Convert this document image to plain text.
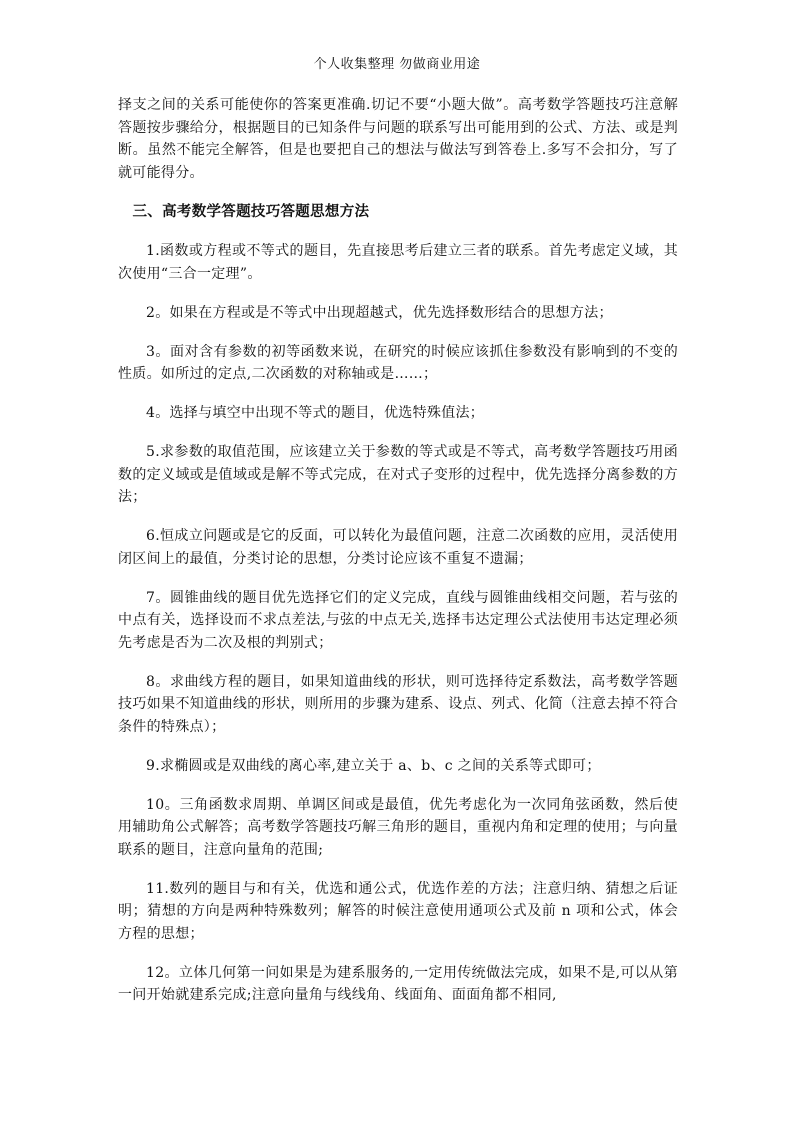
个人收集整理 勿做商业用途

择支之间的关系可能使你的答案更准确.切记不要“小题大做”。高考数学答题技巧注意解答题按步骤给分，根据题目的已知条件与问题的联系写出可能用到的公式、方法、或是判断。虽然不能完全解答，但是也要把自己的想法与做法写到答卷上.多写不会扣分，写了就可能得分。

三、高考数学答题技巧答题思想方法

1.函数或方程或不等式的题目，先直接思考后建立三者的联系。首先考虑定义域，其次使用“三合一定理”。

2。如果在方程或是不等式中出现超越式，优先选择数形结合的思想方法；

3。面对含有参数的初等函数来说，在研究的时候应该抓住参数没有影响到的不变的性质。如所过的定点,二次函数的对称轴或是……；

4。选择与填空中出现不等式的题目，优选特殊值法；

5.求参数的取值范围，应该建立关于参数的等式或是不等式，高考数学答题技巧用函数的定义域或是值域或是解不等式完成，在对式子变形的过程中，优先选择分离参数的方法；

6.恒成立问题或是它的反面，可以转化为最值问题，注意二次函数的应用，灵活使用闭区间上的最值，分类讨论的思想，分类讨论应该不重复不遗漏；

7。圆锥曲线的题目优先选择它们的定义完成，直线与圆锥曲线相交问题，若与弦的中点有关，选择设而不求点差法,与弦的中点无关,选择韦达定理公式法使用韦达定理必须先考虑是否为二次及根的判别式；

8。求曲线方程的题目，如果知道曲线的形状，则可选择待定系数法，高考数学答题技巧如果不知道曲线的形状，则所用的步骤为建系、设点、列式、化简（注意去掉不符合条件的特殊点）；

9.求椭圆或是双曲线的离心率,建立关于 a、b、c 之间的关系等式即可；

10。三角函数求周期、单调区间或是最值，优先考虑化为一次同角弦函数，然后使用辅助角公式解答；高考数学答题技巧解三角形的题目，重视内角和定理的使用；与向量联系的题目，注意向量角的范围;

11.数列的题目与和有关，优选和通公式，优选作差的方法；注意归纳、猜想之后证明；猜想的方向是两种特殊数列；解答的时候注意使用通项公式及前 n 项和公式，体会方程的思想；

12。立体几何第一问如果是为建系服务的,一定用传统做法完成，如果不是,可以从第一问开始就建系完成;注意向量角与线线角、线面角、面面角都不相同,
